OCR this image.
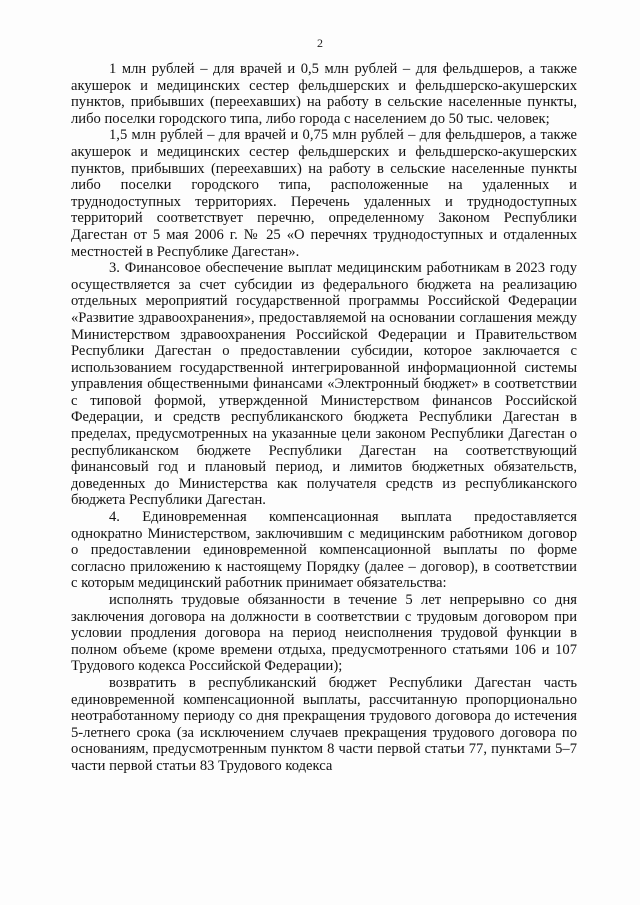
2

1 млн рублей – для врачей и 0,5 млн рублей – для фельдшеров, а также акушерок и медицинских сестер фельдшерских и фельдшерско-акушерских пунктов, прибывших (переехавших) на работу в сельские населенные пункты, либо поселки городского типа, либо города с населением до 50 тыс. человек;

1,5 млн рублей – для врачей и 0,75 млн рублей – для фельдшеров, а также акушерок и медицинских сестер фельдшерских и фельдшерско-акушерских пунктов, прибывших (переехавших) на работу в сельские населенные пункты либо поселки городского типа, расположенные на удаленных и труднодоступных территориях. Перечень удаленных и труднодоступных территорий соответствует перечню, определенному Законом Республики Дагестан от 5 мая 2006 г. № 25 «О перечнях труднодоступных и отдаленных местностей в Республике Дагестан».

3. Финансовое обеспечение выплат медицинским работникам в 2023 году осуществляется за счет субсидии из федерального бюджета на реализацию отдельных мероприятий государственной программы Российской Федерации «Развитие здравоохранения», предоставляемой на основании соглашения между Министерством здравоохранения Российской Федерации и Правительством Республики Дагестан о предоставлении субсидии, которое заключается с использованием государственной интегрированной информационной системы управления общественными финансами «Электронный бюджет» в соответствии с типовой формой, утвержденной Министерством финансов Российской Федерации, и средств республиканского бюджета Республики Дагестан в пределах, предусмотренных на указанные цели законом Республики Дагестан о республиканском бюджете Республики Дагестан на соответствующий финансовый год и плановый период, и лимитов бюджетных обязательств, доведенных до Министерства как получателя средств из республиканского бюджета Республики Дагестан.

4. Единовременная компенсационная выплата предоставляется однократно Министерством, заключившим с медицинским работником договор о предоставлении единовременной компенсационной выплаты по форме согласно приложению к настоящему Порядку (далее – договор), в соответствии с которым медицинский работник принимает обязательства:

исполнять трудовые обязанности в течение 5 лет непрерывно со дня заключения договора на должности в соответствии с трудовым договором при условии продления договора на период неисполнения трудовой функции в полном объеме (кроме времени отдыха, предусмотренного статьями 106 и 107 Трудового кодекса Российской Федерации);

возвратить в республиканский бюджет Республики Дагестан часть единовременной компенсационной выплаты, рассчитанную пропорционально неотработанному периоду со дня прекращения трудового договора до истечения 5-летнего срока (за исключением случаев прекращения трудового договора по основаниям, предусмотренным пунктом 8 части первой статьи 77, пунктами 5–7 части первой статьи 83 Трудового кодекса
